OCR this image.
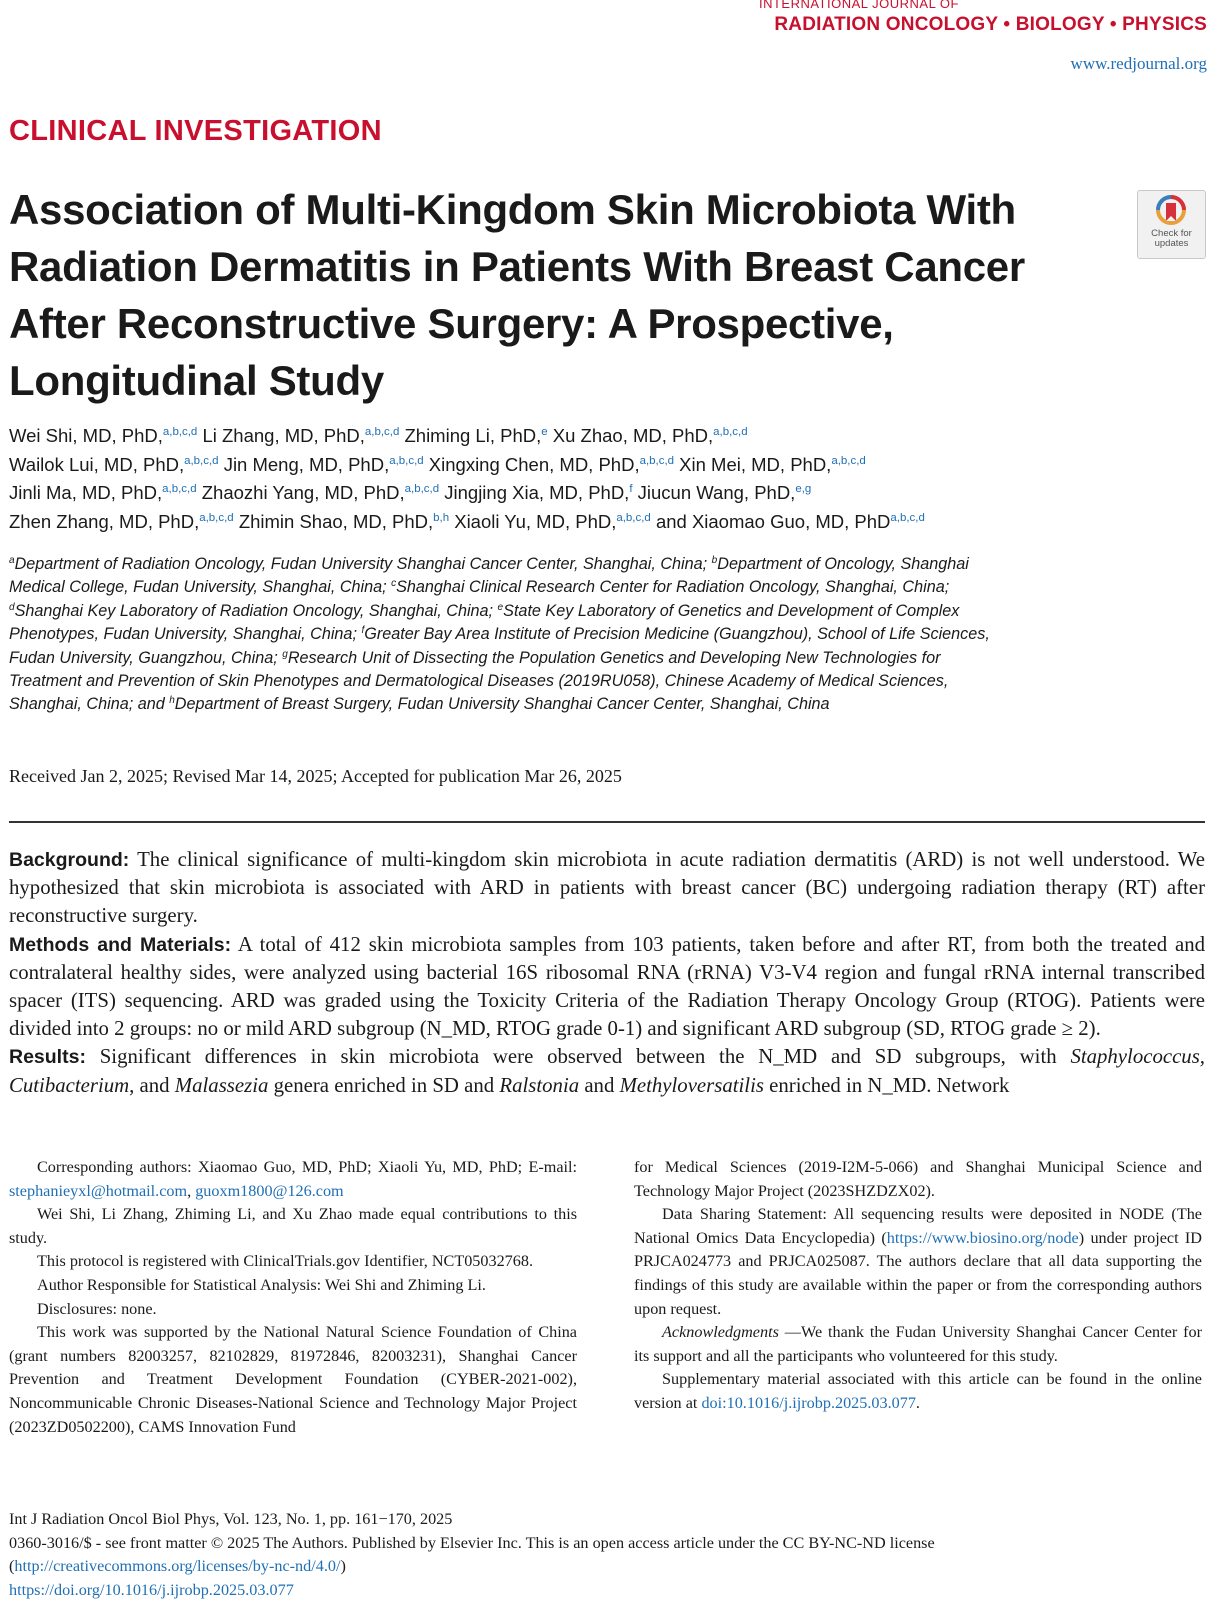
INTERNATIONAL JOURNAL OF
RADIATION ONCOLOGY • BIOLOGY • PHYSICS
www.redjournal.org
CLINICAL INVESTIGATION
Association of Multi-Kingdom Skin Microbiota With Radiation Dermatitis in Patients With Breast Cancer After Reconstructive Surgery: A Prospective, Longitudinal Study
Check for
updates
Wei Shi, MD, PhD,$^{a,b,c,d}$ Li Zhang, MD, PhD,$^{a,b,c,d}$ Zhiming Li, PhD,$^e$ Xu Zhao, MD, PhD,$^{a,b,c,d}$
Wailok Lui, MD, PhD,$^{a,b,c,d}$ Jin Meng, MD, PhD,$^{a,b,c,d}$ Xingxing Chen, MD, PhD,$^{a,b,c,d}$ Xin Mei, MD, PhD,$^{a,b,c,d}$
Jinli Ma, MD, PhD,$^{a,b,c,d}$ Zhaozhi Yang, MD, PhD,$^{a,b,c,d}$ Jingjing Xia, MD, PhD,$^f$ Jiucun Wang, PhD,$^{e,g}$
Zhen Zhang, MD, PhD,$^{a,b,c,d}$ Zhimin Shao, MD, PhD,$^{b,h}$ Xiaoli Yu, MD, PhD,$^{a,b,c,d}$ and Xiaomao Guo, MD, PhD$^{a,b,c,d}$
$^a$Department of Radiation Oncology, Fudan University Shanghai Cancer Center, Shanghai, China; $^b$Department of Oncology, Shanghai Medical College, Fudan University, Shanghai, China; $^c$Shanghai Clinical Research Center for Radiation Oncology, Shanghai, China; $^d$Shanghai Key Laboratory of Radiation Oncology, Shanghai, China; $^e$State Key Laboratory of Genetics and Development of Complex Phenotypes, Fudan University, Shanghai, China; $^f$Greater Bay Area Institute of Precision Medicine (Guangzhou), School of Life Sciences, Fudan University, Guangzhou, China; $^g$Research Unit of Dissecting the Population Genetics and Developing New Technologies for Treatment and Prevention of Skin Phenotypes and Dermatological Diseases (2019RU058), Chinese Academy of Medical Sciences, Shanghai, China; and $^h$Department of Breast Surgery, Fudan University Shanghai Cancer Center, Shanghai, China
Received Jan 2, 2025; Revised Mar 14, 2025; Accepted for publication Mar 26, 2025

Background: The clinical significance of multi-kingdom skin microbiota in acute radiation dermatitis (ARD) is not well understood. We hypothesized that skin microbiota is associated with ARD in patients with breast cancer (BC) undergoing radiation therapy (RT) after reconstructive surgery.

Methods and Materials: A total of 412 skin microbiota samples from 103 patients, taken before and after RT, from both the treated and contralateral healthy sides, were analyzed using bacterial 16S ribosomal RNA (rRNA) V3-V4 region and fungal rRNA internal transcribed spacer (ITS) sequencing. ARD was graded using the Toxicity Criteria of the Radiation Therapy Oncology Group (RTOG). Patients were divided into 2 groups: no or mild ARD subgroup (N_MD, RTOG grade 0-1) and significant ARD subgroup (SD, RTOG grade ≥ 2).

Results: Significant differences in skin microbiota were observed between the N_MD and SD subgroups, with Staphylococcus, Cutibacterium, and Malassezia genera enriched in SD and Ralstonia and Methyloversatilis enriched in N_MD. Network

Corresponding authors: Xiaomao Guo, MD, PhD; Xiaoli Yu, MD, PhD; E-mail: stephanieyxl@hotmail.com, guoxm1800@126.com

Wei Shi, Li Zhang, Zhiming Li, and Xu Zhao made equal contributions to this study.

This protocol is registered with ClinicalTrials.gov Identifier, NCT05032768.

Author Responsible for Statistical Analysis: Wei Shi and Zhiming Li.

Disclosures: none.

This work was supported by the National Natural Science Foundation of China (grant numbers 82003257, 82102829, 81972846, 82003231), Shanghai Cancer Prevention and Treatment Development Foundation (CYBER-2021-002), Noncommunicable Chronic Diseases-National Science and Technology Major Project (2023ZD0502200), CAMS Innovation Fund

for Medical Sciences (2019-I2M-5-066) and Shanghai Municipal Science and Technology Major Project (2023SHZDZX02).

Data Sharing Statement: All sequencing results were deposited in NODE (The National Omics Data Encyclopedia) (https://www.biosino.org/node) under project ID PRJCA024773 and PRJCA025087. The authors declare that all data supporting the findings of this study are available within the paper or from the corresponding authors upon request.

Acknowledgments —We thank the Fudan University Shanghai Cancer Center for its support and all the participants who volunteered for this study.

Supplementary material associated with this article can be found in the online version at doi:10.1016/j.ijrobp.2025.03.077.

Int J Radiation Oncol Biol Phys, Vol. 123, No. 1, pp. 161−170, 2025
0360-3016/$ - see front matter © 2025 The Authors. Published by Elsevier Inc. This is an open access article under the CC BY-NC-ND license
(http://creativecommons.org/licenses/by-nc-nd/4.0/)
https://doi.org/10.1016/j.ijrobp.2025.03.077
